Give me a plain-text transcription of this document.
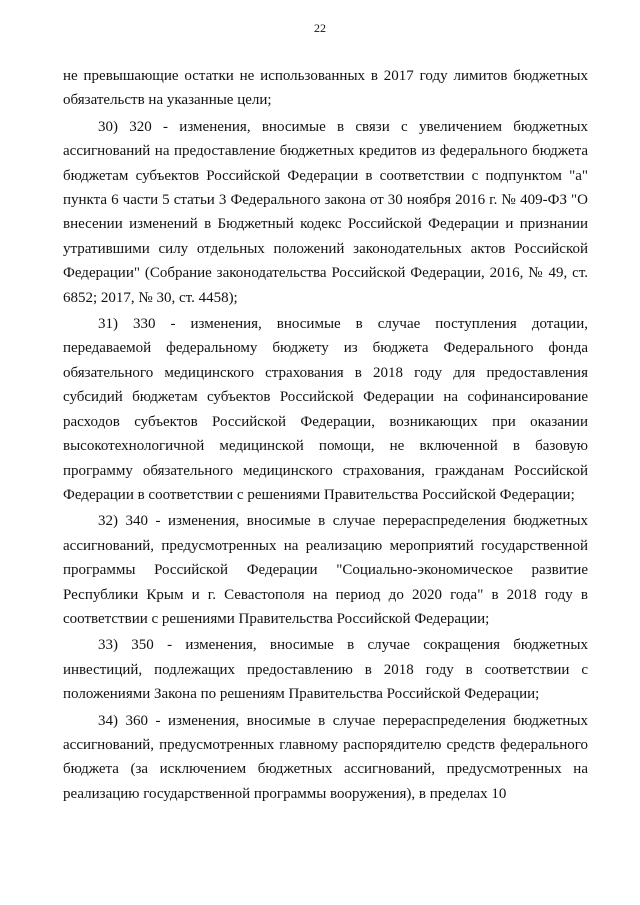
22

не превышающие остатки не использованных в 2017 году лимитов бюджетных обязательств на указанные цели;

30) 320 - изменения, вносимые в связи с увеличением бюджетных ассигнований на предоставление бюджетных кредитов из федерального бюджета бюджетам субъектов Российской Федерации в соответствии с подпунктом "а" пункта 6 части 5 статьи 3 Федерального закона от 30 ноября 2016 г. № 409-ФЗ "О внесении изменений в Бюджетный кодекс Российской Федерации и признании утратившими силу отдельных положений законодательных актов Российской Федерации" (Собрание законодательства Российской Федерации, 2016, № 49, ст. 6852; 2017, № 30, ст. 4458);

31) 330 - изменения, вносимые в случае поступления дотации, передаваемой федеральному бюджету из бюджета Федерального фонда обязательного медицинского страхования в 2018 году для предоставления субсидий бюджетам субъектов Российской Федерации на софинансирование расходов субъектов Российской Федерации, возникающих при оказании высокотехнологичной медицинской помощи, не включенной в базовую программу обязательного медицинского страхования, гражданам Российской Федерации в соответствии с решениями Правительства Российской Федерации;

32) 340 - изменения, вносимые в случае перераспределения бюджетных ассигнований, предусмотренных на реализацию мероприятий государственной программы Российской Федерации "Социально-экономическое развитие Республики Крым и г. Севастополя на период до 2020 года" в 2018 году в соответствии с решениями Правительства Российской Федерации;

33) 350 - изменения, вносимые в случае сокращения бюджетных инвестиций, подлежащих предоставлению в 2018 году в соответствии с положениями Закона по решениям Правительства Российской Федерации;

34) 360 - изменения, вносимые в случае перераспределения бюджетных ассигнований, предусмотренных главному распорядителю средств федерального бюджета (за исключением бюджетных ассигнований, предусмотренных на реализацию государственной программы вооружения), в пределах 10
